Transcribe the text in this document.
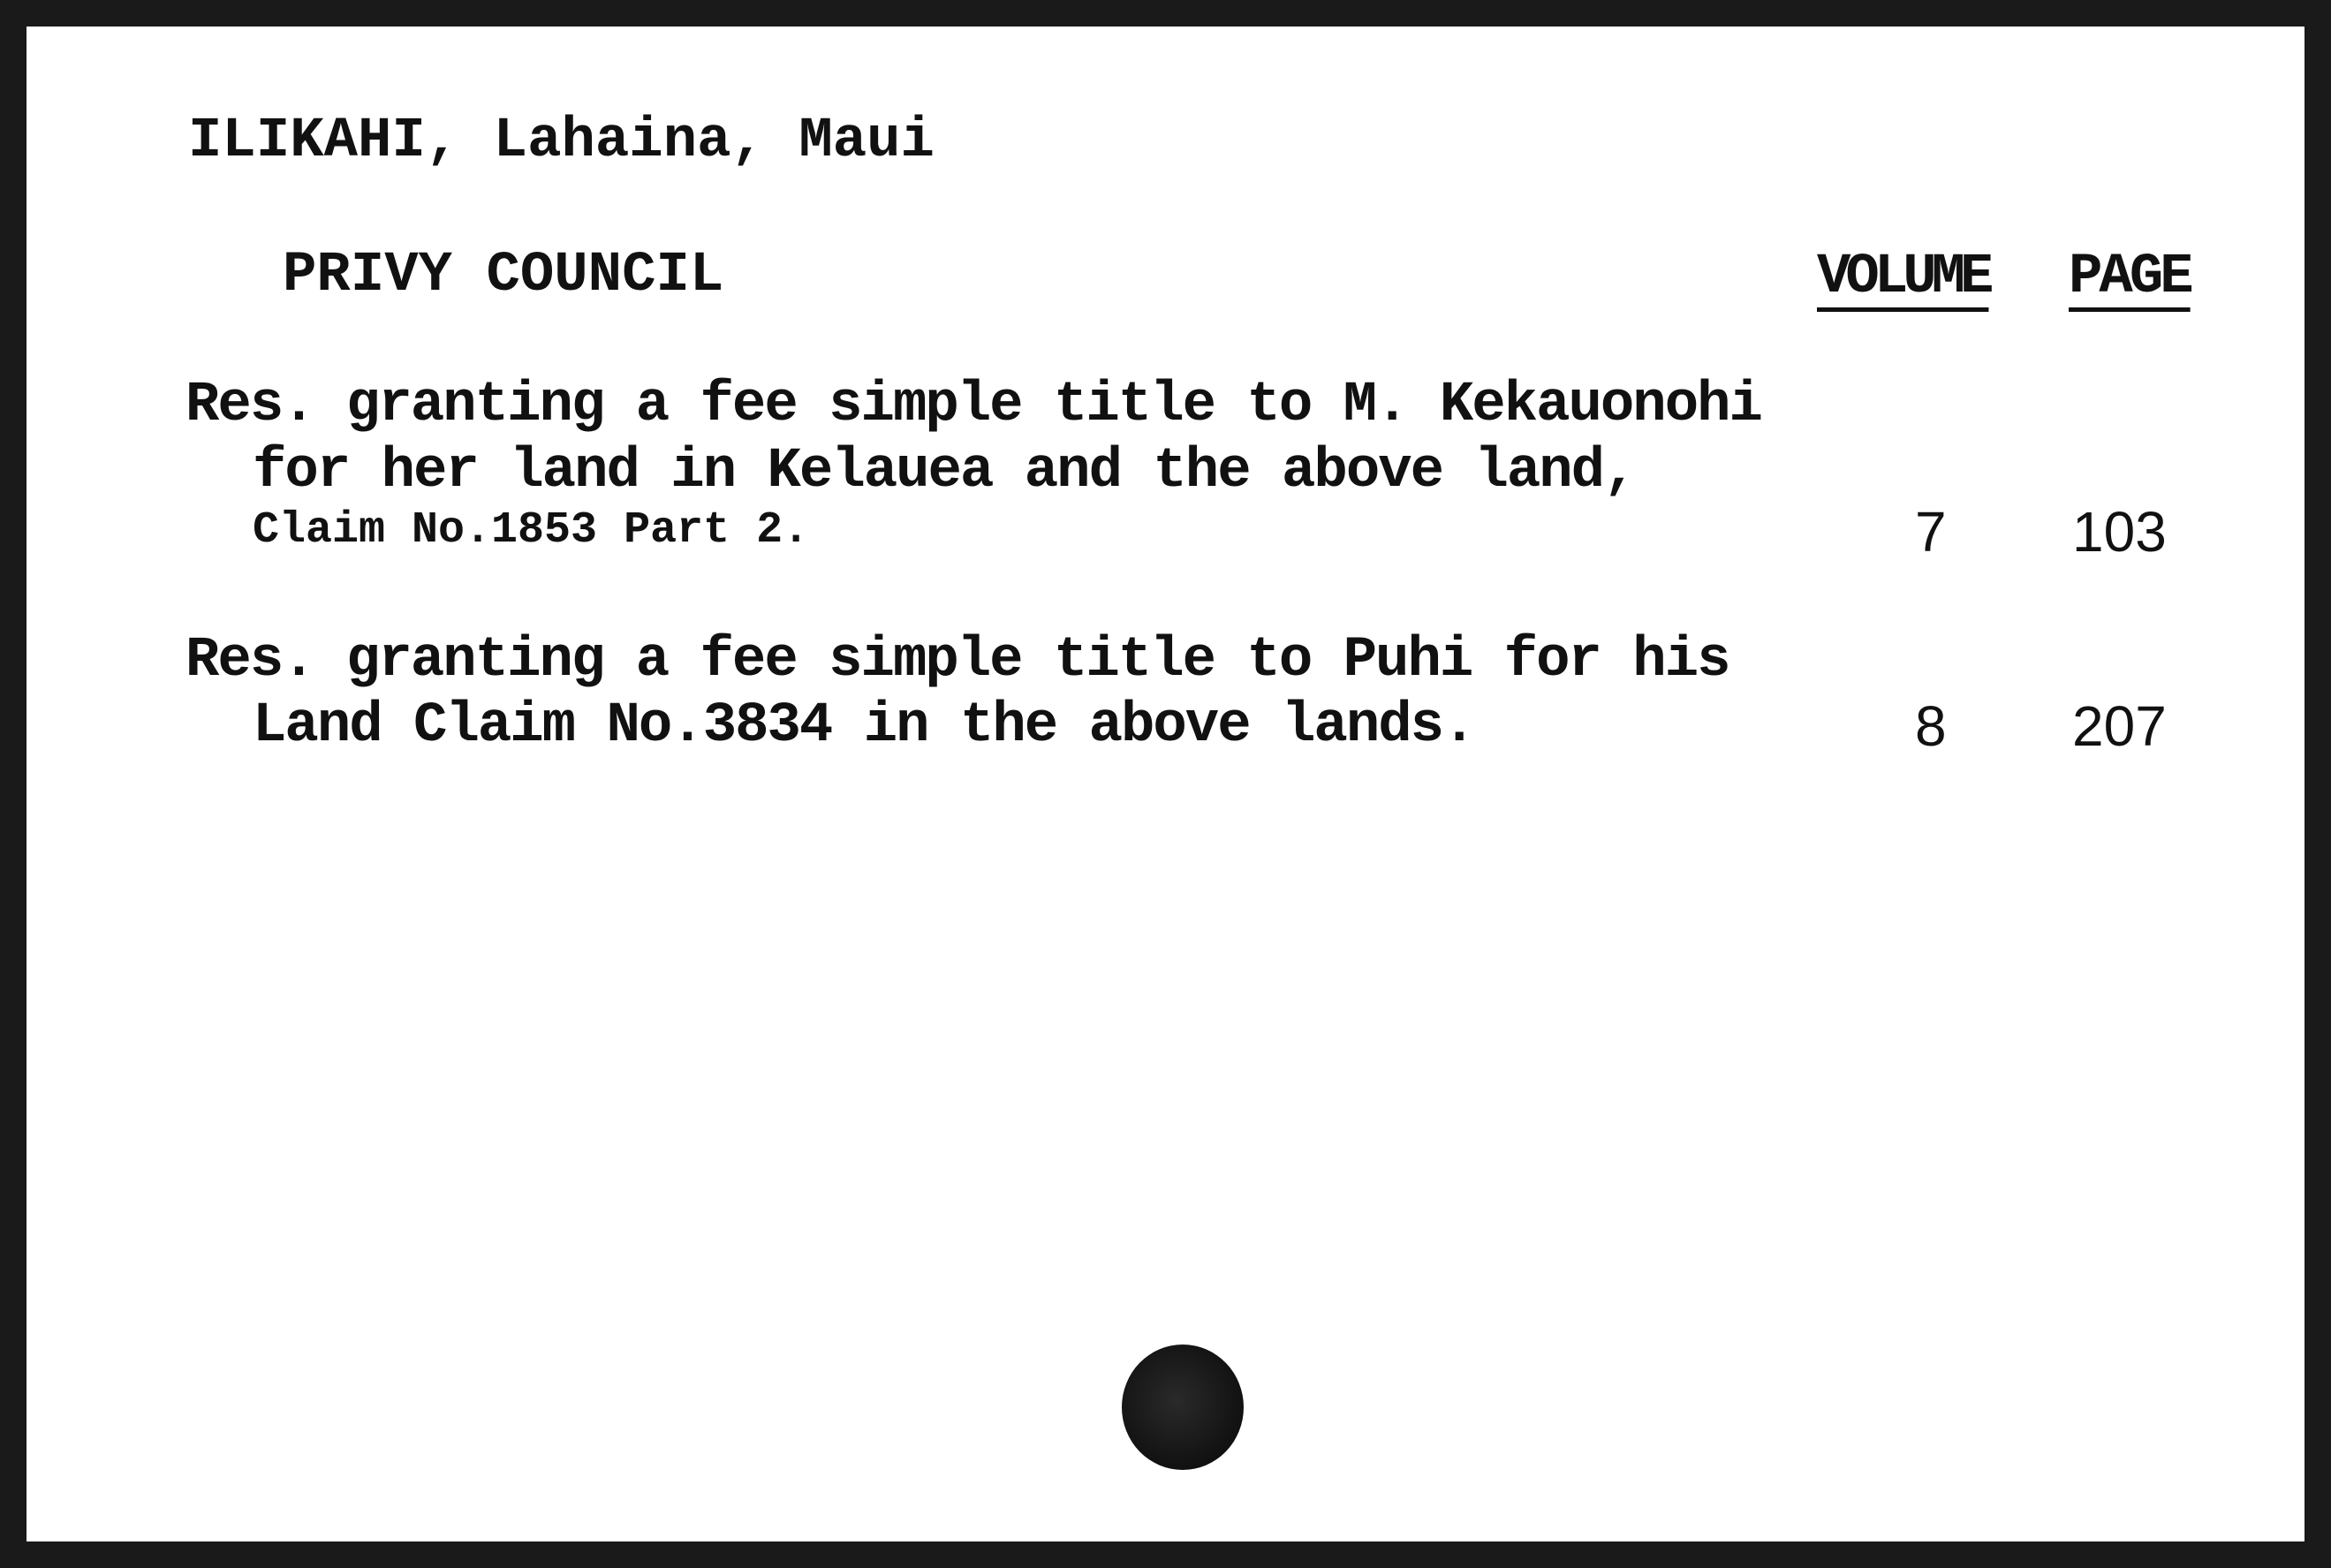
ILIKAHI, Lahaina, Maui
PRIVY COUNCIL	VOLUME PAGE
Res. granting a fee simple title to M. Kekauonohi
for her land in Kelauea and the above land,
Claim No.1853 Part 2.	7 103
Res. granting a fee simple title to Puhi for his
Land Claim No.3834 in the above lands.	8 207
